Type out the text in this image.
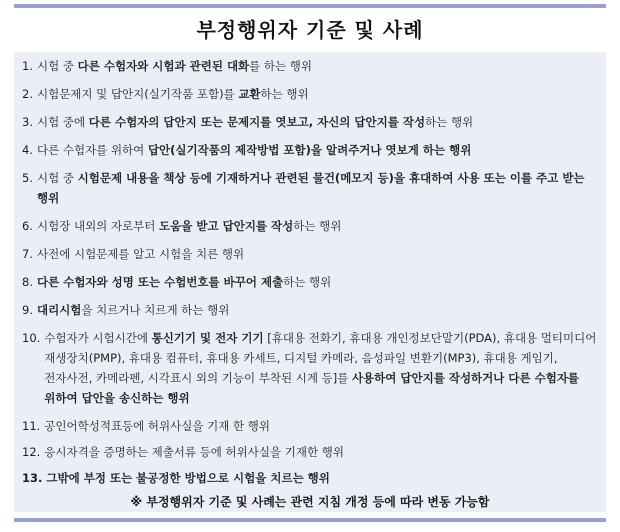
부정행위자 기준 및 사례
1. 시험 중 다른 수험자와 시험과 관련된 대화를 하는 행위
2. 시험문제지 및 답안지(실기작품 포함)를 교환하는 행위
3. 시험 중에 다른 수험자의 답안지 또는 문제지를 엿보고, 자신의 답안지를 작성하는 행위
4. 다른 수험자를 위하여 답안(실기작품의 제작방법 포함)을 알려주거나 엿보게 하는 행위
5. 시험 중 시험문제 내용을 책상 등에 기재하거나 관련된 물건(메모지 등)을 휴대하여 사용 또는 이를 주고 받는 행위
6. 시험장 내외의 자로부터 도움을 받고 답안지를 작성하는 행위
7. 사전에 시험문제를 알고 시험을 치른 행위
8. 다른 수험자와 성명 또는 수험번호를 바꾸어 제출하는 행위
9. 대리시험을 치르거나 치르게 하는 행위
10. 수험자가 시험시간에 통신기기 및 전자 기기 [휴대용 전화기, 휴대용 개인정보단말기(PDA), 휴대용 멀티미디어 재생장치(PMP), 휴대용 컴퓨터, 휴대용 카세트, 디지털 카메라, 음성파일 변환기(MP3), 휴대용 게임기, 전자사전, 카메라펜, 시각표시 외의 기능이 부착된 시계 등]를 사용하여 답안지를 작성하거나 다른 수험자를 위하여 답안을 송신하는 행위
11. 공인어학성적표등에 허위사실을 기재 한 행위
12. 응시자격을 증명하는 제출서류 등에 허위사실을 기재한 행위
13. 그밖에 부정 또는 불공정한 방법으로 시험을 치르는 행위
※ 부정행위자 기준 및 사례는 관련 지침 개정 등에 따라 변동 가능함
